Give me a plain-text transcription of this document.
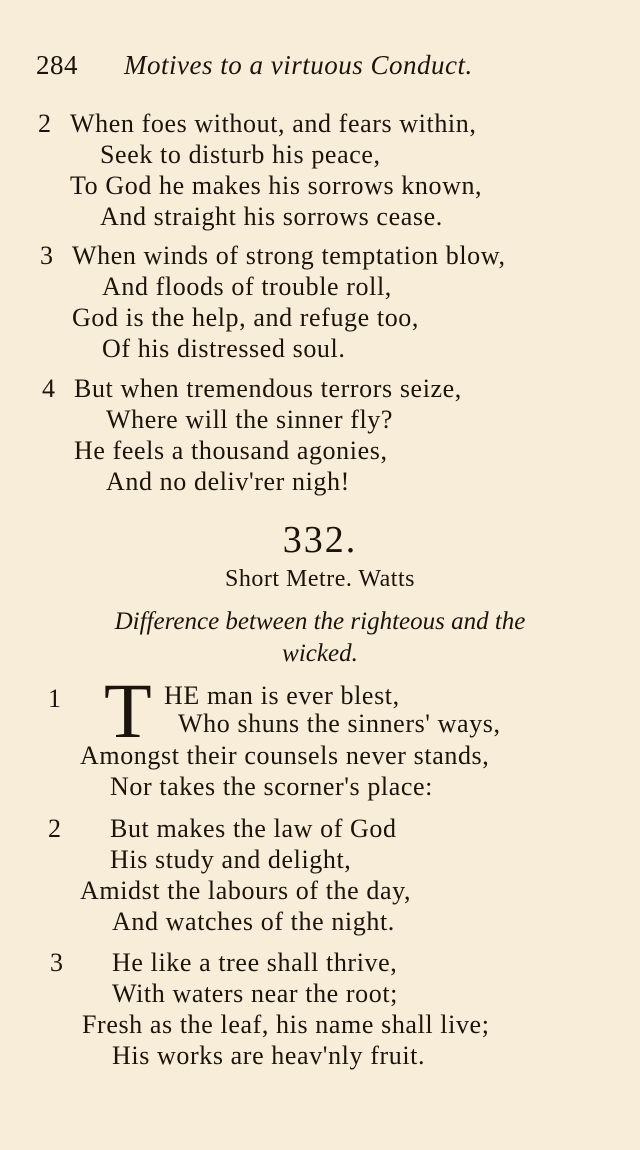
284 Motives to a virtuous Conduct.
2 When foes without, and fears within,
Seek to disturb his peace,
To God he makes his sorrows known,
And straight his sorrows cease.
3 When winds of strong temptation blow,
And floods of trouble roll,
God is the help, and refuge too,
Of his distressed soul.
4 But when tremendous terrors seize,
Where will the sinner fly?
He feels a thousand agonies,
And no deliv'rer nigh!
332.
Short Metre. Watts
Difference between the righteous and the
wicked.
1 T HE man is ever blest,
Who shuns the sinners' ways,
Amongst their counsels never stands,
Nor takes the scorner's place:
2 But makes the law of God
His study and delight,
Amidst the labours of the day,
And watches of the night.
3 He like a tree shall thrive,
With waters near the root;
Fresh as the leaf, his name shall live;
His works are heav'nly fruit.
